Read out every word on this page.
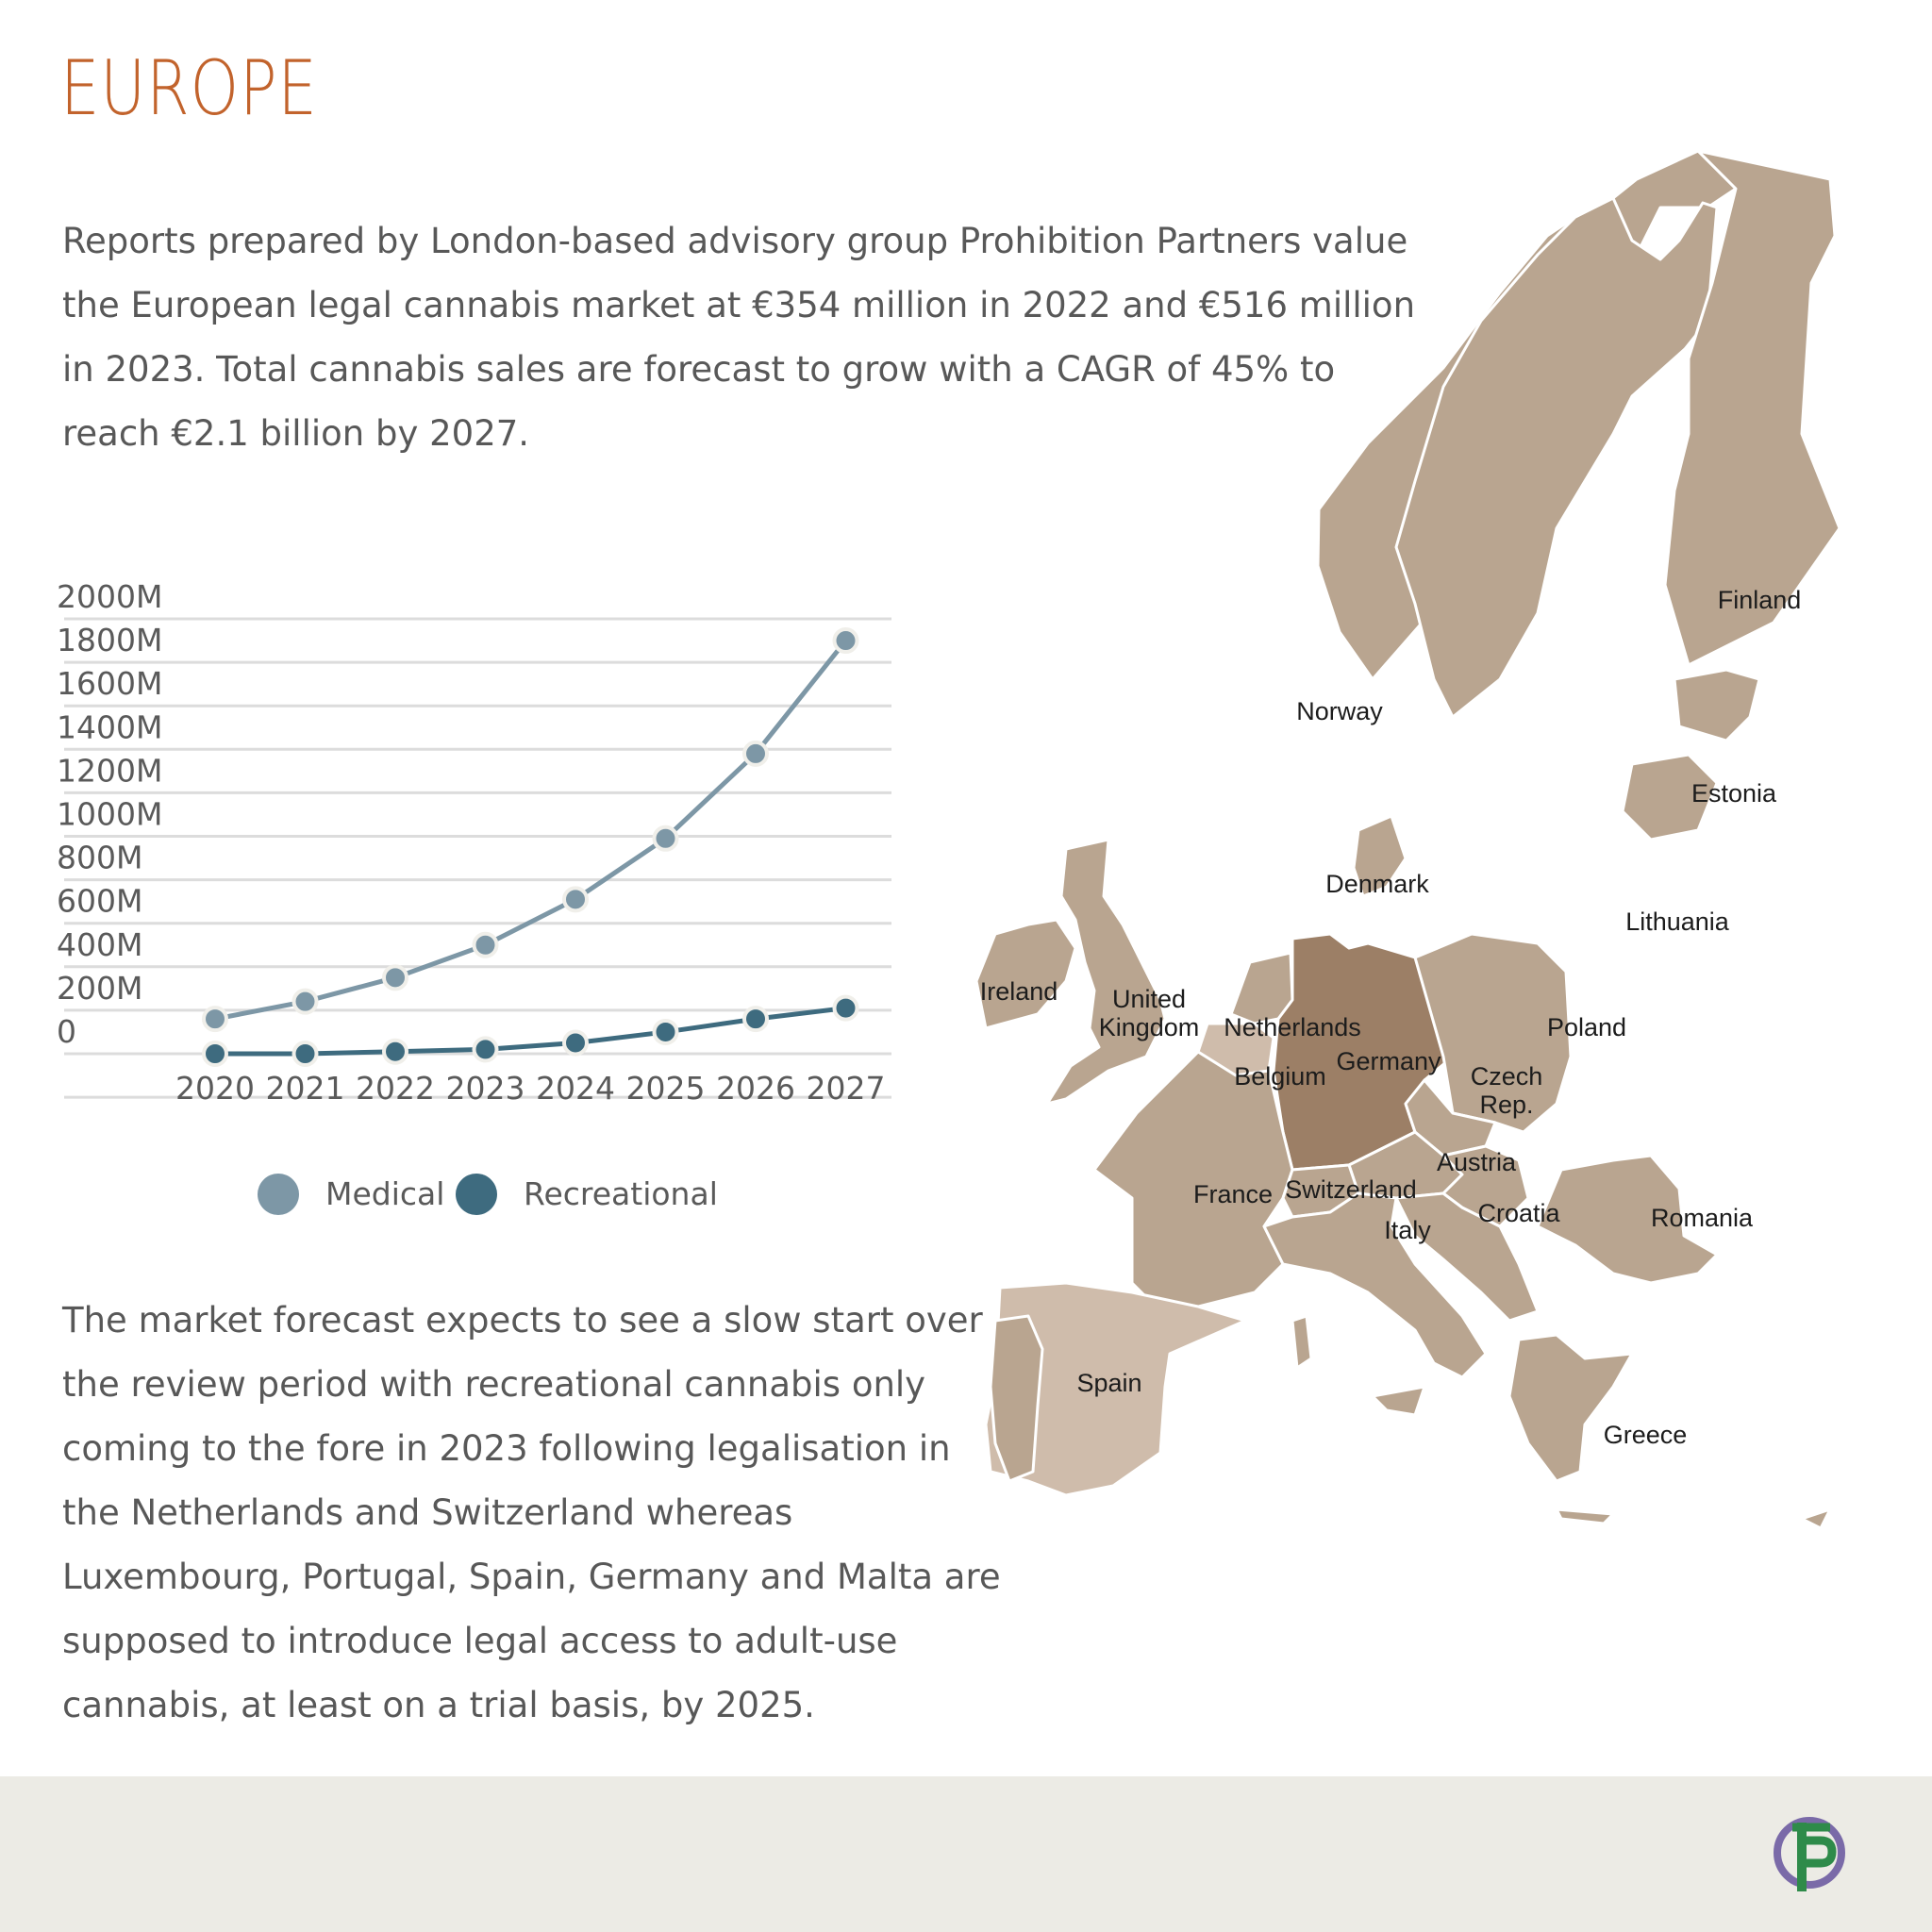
EUROPE

Reports prepared by London-based advisory group Prohibition Partners value the European legal cannabis market at €354 million in 2022 and €516 million in 2023. Total cannabis sales are forecast to grow with a CAGR of 45% to reach €2.1 billion by 2027.

0
200M
400M
600M
800M
1000M
1200M
1400M
1600M
1800M
2000M
2020 2021 2022 2023 2024 2025 2026 2027
Medical	Recreational
Finland
Norway
Estonia
Denmark
Lithuania
Ireland United
Kingdom Netherlands	Poland
Germany
Belgium	Czech
Rep.
Austria
France Switzerland
Croatia	Romania
Italy
Spain
Greece

The market forecast expects to see a slow start over the review period with recreational cannabis only coming to the fore in 2023 following legalisation in the Netherlands and Switzerland whereas Luxembourg, Portugal, Spain, Germany and Malta are supposed to introduce legal access to adult-use cannabis, at least on a trial basis, by 2025.
